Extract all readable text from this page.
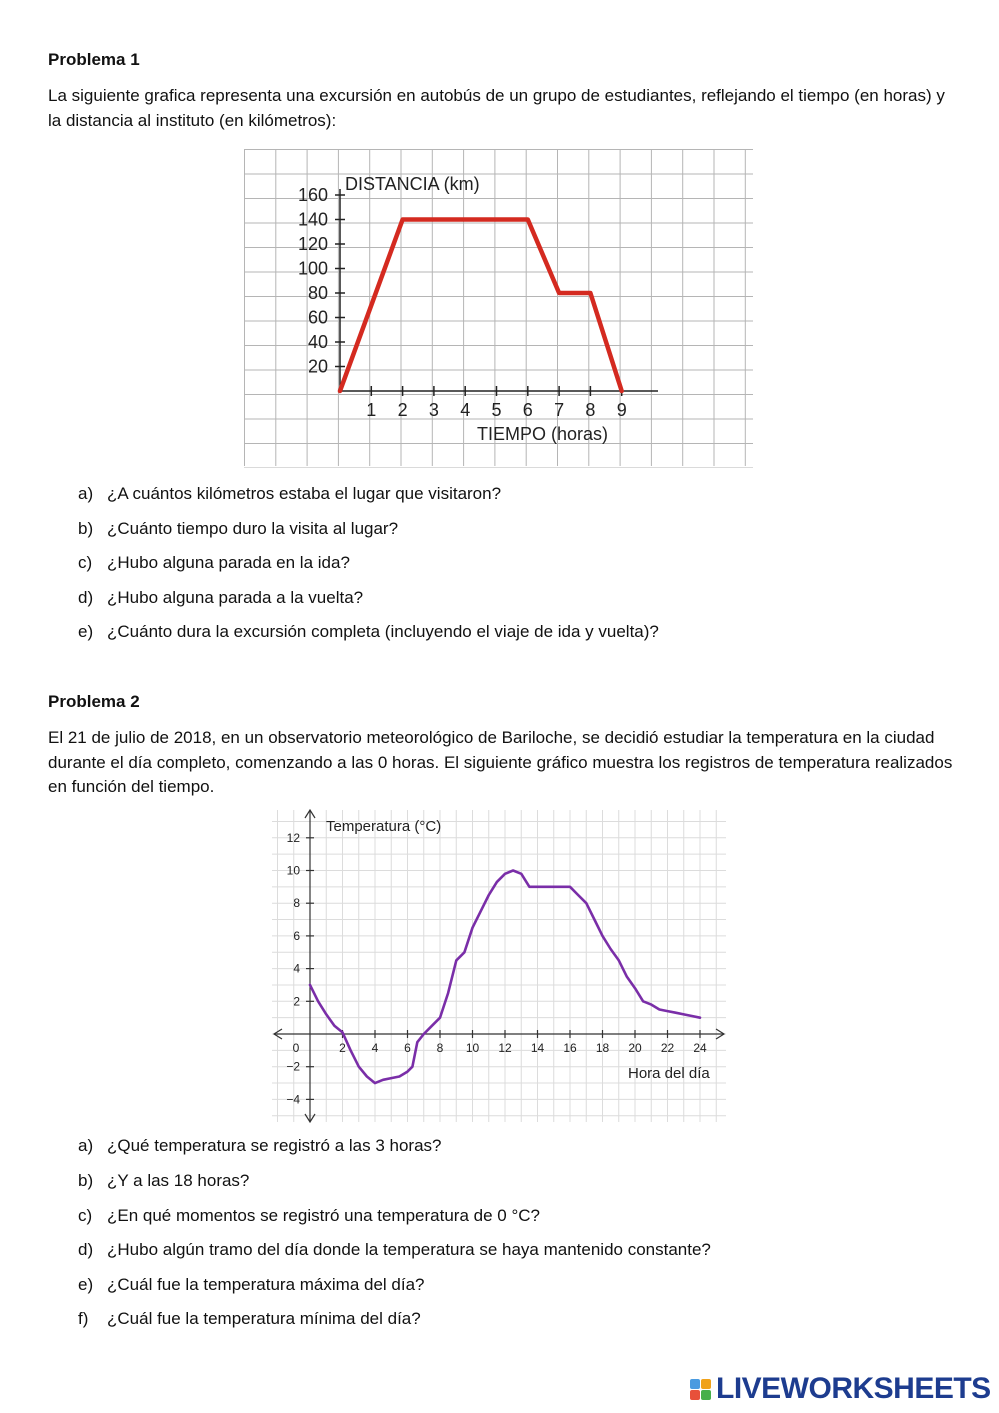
Problema 1
La siguiente grafica representa una excursión en autobús de un grupo de estudiantes, reflejando el tiempo (en horas) y la distancia al instituto (en kilómetros):
1 2 3 4 5 6 7 8 9
20
40
60
80
100
120
140
160
DISTANCIA (km)
TIEMPO (horas)
a) ¿A cuántos kilómetros estaba el lugar que visitaron?
b) ¿Cuánto tiempo duro la visita al lugar?
c) ¿Hubo alguna parada en la ida?
d) ¿Hubo alguna parada a la vuelta?
e) ¿Cuánto dura la excursión completa (incluyendo el viaje de ida y vuelta)?
Problema 2
El 21 de julio de 2018, en un observatorio meteorológico de Bariloche, se decidió estudiar la temperatura en la ciudad durante el día completo, comenzando a las 0 horas. El siguiente gráfico muestra los registros de temperatura realizados en función del tiempo.
0	2 4 6 8 10 12 14 16 18 20 22 24
−4
−2
2
4
6
8
10
12
Temperatura (°C)
Hora del día
a) ¿Qué temperatura se registró a las 3 horas?
b) ¿Y a las 18 horas?
c) ¿En qué momentos se registró una temperatura de 0 °C?
d) ¿Hubo algún tramo del día donde la temperatura se haya mantenido constante?
e) ¿Cuál fue la temperatura máxima del día?
f) ¿Cuál fue la temperatura mínima del día?
LIVEWORKSHEETS
